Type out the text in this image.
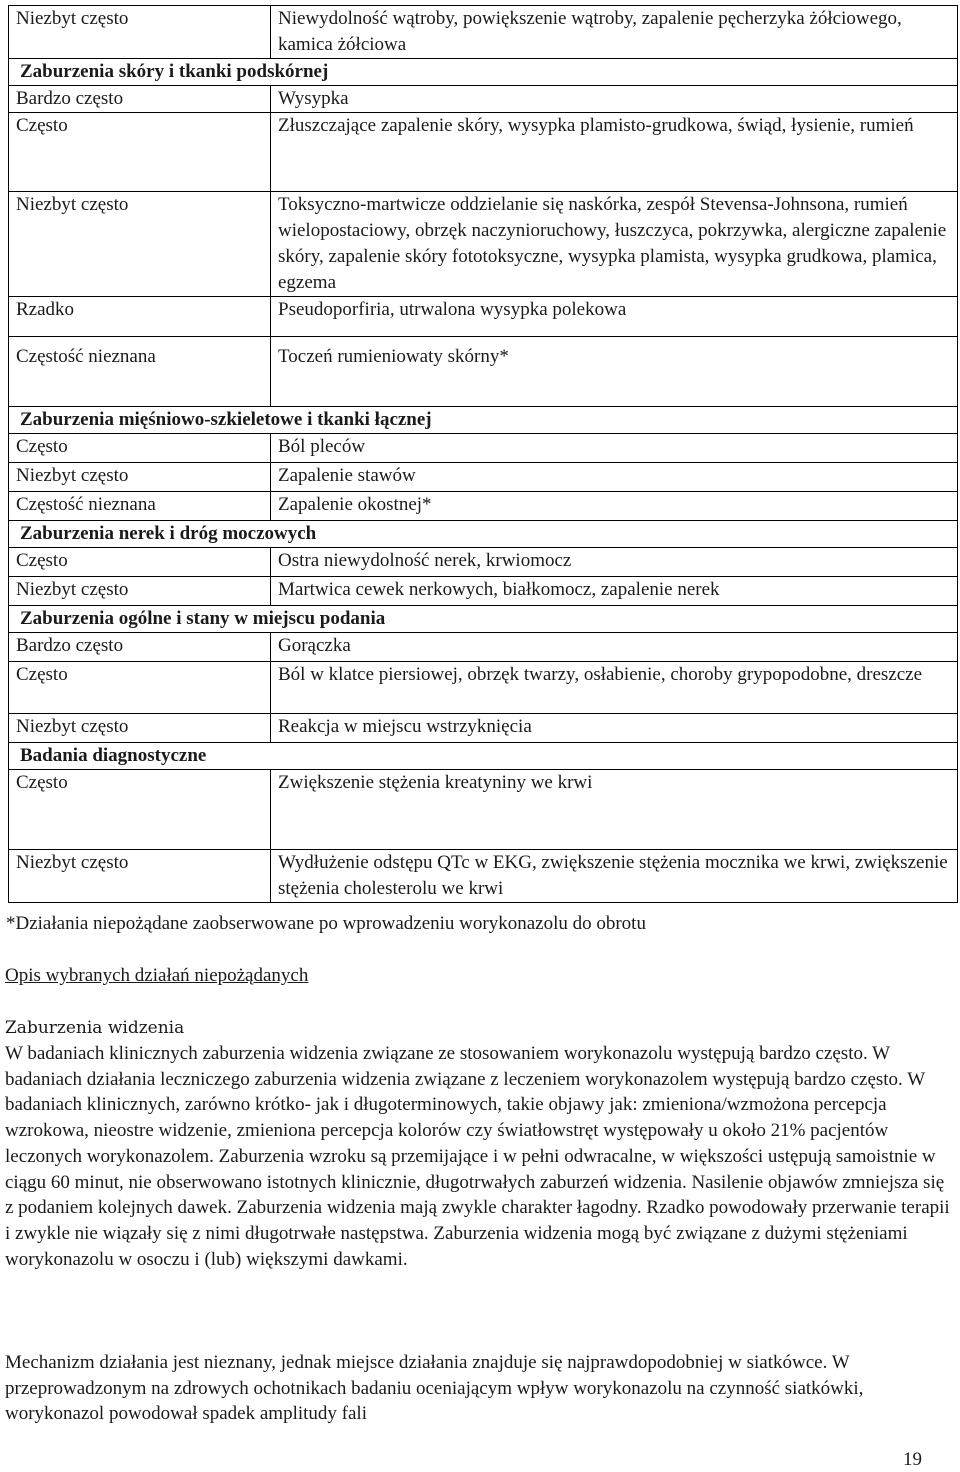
Niezbyt często	Niewydolność wątroby, powiększenie wątroby, zapalenie pęcherzyka żółciowego, kamica żółciowa
Zaburzenia skóry i tkanki podskórnej	
Bardzo często	Wysypka
Często	Złuszczające zapalenie skóry, wysypka plamisto-grudkowa, świąd, łysienie, rumień
Niezbyt często	Toksyczno-martwicze oddzielanie się naskórka, zespół Stevensa-Johnsona, rumień wielopostaciowy, obrzęk naczynioruchowy, łuszczyca, pokrzywka, alergiczne zapalenie skóry, zapalenie skóry fototoksyczne, wysypka plamista, wysypka grudkowa, plamica, egzema
Rzadko	Pseudoporfiria, utrwalona wysypka polekowa
Częstość nieznana	Toczeń rumieniowaty skórny*
Zaburzenia mięśniowo-szkieletowe i tkanki łącznej	
Często	Ból pleców
Niezbyt często	Zapalenie stawów
Częstość nieznana	Zapalenie okostnej*
Zaburzenia nerek i dróg moczowych	
Często	Ostra niewydolność nerek, krwiomocz
Niezbyt często	Martwica cewek nerkowych, białkomocz, zapalenie nerek
Zaburzenia ogólne i stany w miejscu podania	
Bardzo często	Gorączka
Często	Ból w klatce piersiowej, obrzęk twarzy, osłabienie, choroby grypopodobne, dreszcze
Niezbyt często	Reakcja w miejscu wstrzyknięcia
Badania diagnostyczne	
Często	Zwiększenie stężenia kreatyniny we krwi
Niezbyt często	Wydłużenie odstępu QTc w EKG, zwiększenie stężenia mocznika we krwi, zwiększenie stężenia cholesterolu we krwi
*Działania niepożądane zaobserwowane po wprowadzeniu worykonazolu do obrotu
Opis wybranych działań niepożądanych
Zaburzenia widzenia
W badaniach klinicznych zaburzenia widzenia związane ze stosowaniem worykonazolu występują bardzo często. W badaniach działania leczniczego zaburzenia widzenia związane z leczeniem worykonazolem występują bardzo często. W badaniach klinicznych, zarówno krótko- jak i długoterminowych, takie objawy jak: zmieniona/wzmożona percepcja wzrokowa, nieostre widzenie, zmieniona percepcja kolorów czy światłowstręt występowały u około 21% pacjentów leczonych worykonazolem. Zaburzenia wzroku są przemijające i w pełni odwracalne, w większości ustępują samoistnie w ciągu 60 minut, nie obserwowano istotnych klinicznie, długotrwałych zaburzeń widzenia. Nasilenie objawów zmniejsza się z podaniem kolejnych dawek. Zaburzenia widzenia mają zwykle charakter łagodny. Rzadko powodowały przerwanie terapii i zwykle nie wiązały się z nimi długotrwałe następstwa. Zaburzenia widzenia mogą być związane z dużymi stężeniami worykonazolu w osoczu i (lub) większymi dawkami.
Mechanizm działania jest nieznany, jednak miejsce działania znajduje się najprawdopodobniej w siatkówce. W przeprowadzonym na zdrowych ochotnikach badaniu oceniającym wpływ worykonazolu na czynność siatkówki, worykonazol powodował spadek amplitudy fali
19
